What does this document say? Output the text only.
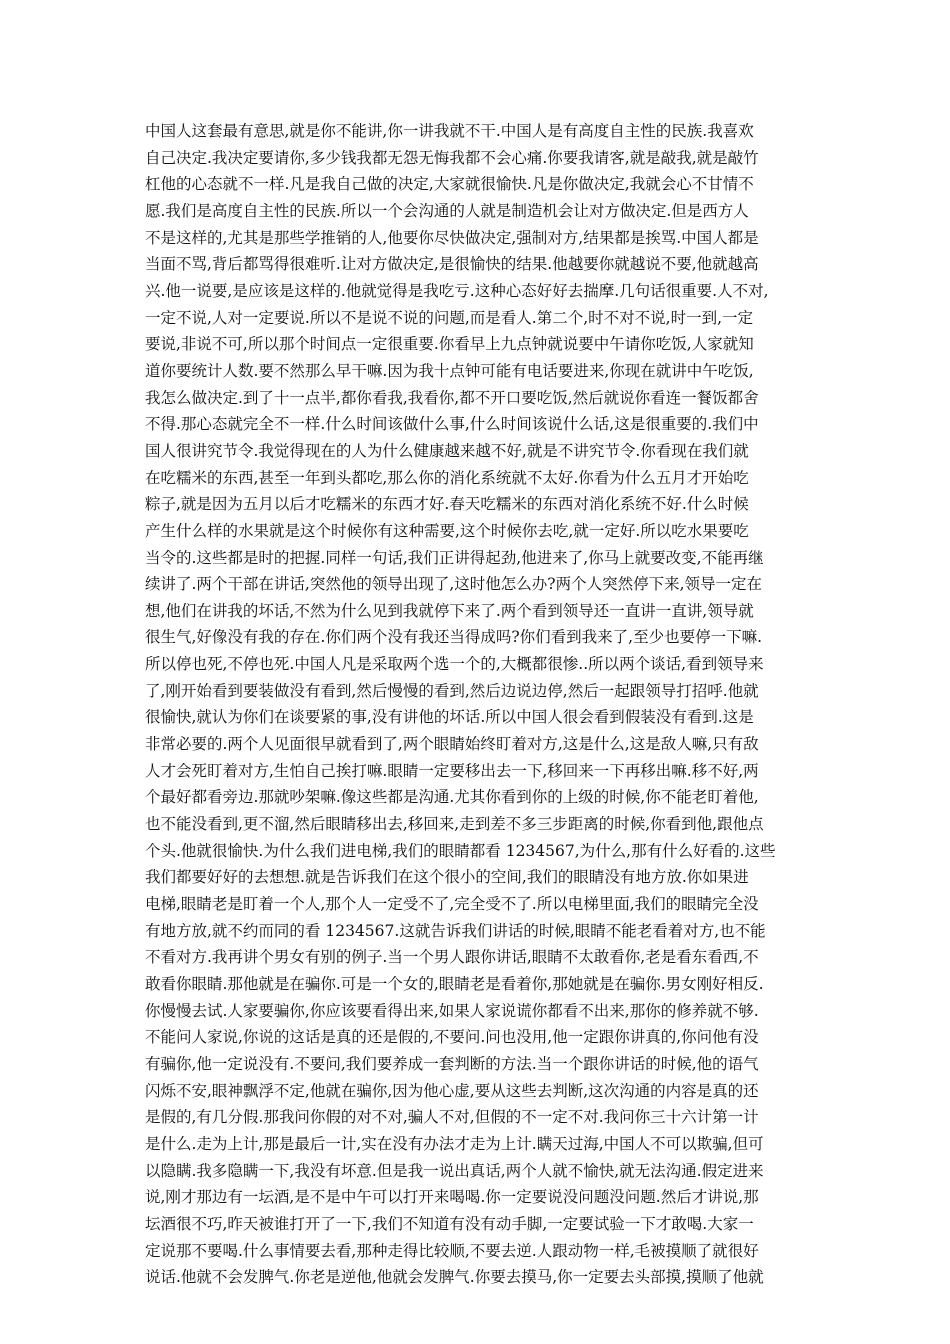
中国人这套最有意思,就是你不能讲,你一讲我就不干.中国人是有高度自主性的民族.我喜欢
自己决定.我决定要请你,多少钱我都无怨无悔我都不会心痛.你要我请客,就是敲我,就是敲竹
杠他的心态就不一样.凡是我自己做的决定,大家就很愉快.凡是你做决定,我就会心不甘情不
愿.我们是高度自主性的民族.所以一个会沟通的人就是制造机会让对方做决定.但是西方人
不是这样的,尤其是那些学推销的人,他要你尽快做决定,强制对方,结果都是挨骂.中国人都是
当面不骂,背后都骂得很难听.让对方做决定,是很愉快的结果.他越要你就越说不要,他就越高
兴.他一说要,是应该是这样的.他就觉得是我吃亏.这种心态好好去揣摩.几句话很重要.人不对,
一定不说,人对一定要说.所以不是说不说的问题,而是看人.第二个,时不对不说,时一到,一定
要说,非说不可,所以那个时间点一定很重要.你看早上九点钟就说要中午请你吃饭,人家就知
道你要统计人数.要不然那么早干嘛.因为我十点钟可能有电话要进来,你现在就讲中午吃饭,
我怎么做决定.到了十一点半,都你看我,我看你,都不开口要吃饭,然后就说你看连一餐饭都舍
不得.那心态就完全不一样.什么时间该做什么事,什么时间该说什么话,这是很重要的.我们中
国人很讲究节令.我觉得现在的人为什么健康越来越不好,就是不讲究节令.你看现在我们就
在吃糯米的东西,甚至一年到头都吃,那么你的消化系统就不太好.你看为什么五月才开始吃
粽子,就是因为五月以后才吃糯米的东西才好.春天吃糯米的东西对消化系统不好.什么时候
产生什么样的水果就是这个时候你有这种需要,这个时候你去吃,就一定好.所以吃水果要吃
当令的.这些都是时的把握.同样一句话,我们正讲得起劲,他进来了,你马上就要改变,不能再继
续讲了.两个干部在讲话,突然他的领导出现了,这时他怎么办?两个人突然停下来,领导一定在
想,他们在讲我的坏话,不然为什么见到我就停下来了.两个看到领导还一直讲一直讲,领导就
很生气,好像没有我的存在.你们两个没有我还当得成吗?你们看到我来了,至少也要停一下嘛.
所以停也死,不停也死.中国人凡是采取两个选一个的,大概都很惨..所以两个谈话,看到领导来
了,刚开始看到要装做没有看到,然后慢慢的看到,然后边说边停,然后一起跟领导打招呼.他就
很愉快,就认为你们在谈要紧的事,没有讲他的坏话.所以中国人很会看到假装没有看到.这是
非常必要的.两个人见面很早就看到了,两个眼睛始终盯着对方,这是什么,这是敌人嘛,只有敌
人才会死盯着对方,生怕自己挨打嘛.眼睛一定要移出去一下,移回来一下再移出嘛.移不好,两
个最好都看旁边.那就吵架嘛.像这些都是沟通.尤其你看到你的上级的时候,你不能老盯着他,
也不能没看到,更不溜,然后眼睛移出去,移回来,走到差不多三步距离的时候,你看到他,跟他点
个头.他就很愉快.为什么我们进电梯,我们的眼睛都看 1234567,为什么,那有什么好看的.这些
我们都要好好的去想想.就是告诉我们在这个很小的空间,我们的眼睛没有地方放.你如果进
电梯,眼睛老是盯着一个人,那个人一定受不了,完全受不了.所以电梯里面,我们的眼睛完全没
有地方放,就不约而同的看 1234567.这就告诉我们讲话的时候,眼睛不能老看着对方,也不能
不看对方.我再讲个男女有别的例子.当一个男人跟你讲话,眼睛不太敢看你,老是看东看西,不
敢看你眼睛.那他就是在骗你.可是一个女的,眼睛老是看着你,那她就是在骗你.男女刚好相反.
你慢慢去试.人家要骗你,你应该要看得出来,如果人家说谎你都看不出来,那你的修养就不够.
不能问人家说,你说的这话是真的还是假的,不要问.问也没用,他一定跟你讲真的,你问他有没
有骗你,他一定说没有.不要问,我们要养成一套判断的方法.当一个跟你讲话的时候,他的语气
闪烁不安,眼神飘浮不定,他就在骗你,因为他心虚,要从这些去判断,这次沟通的内容是真的还
是假的,有几分假.那我问你假的对不对,骗人不对,但假的不一定不对.我问你三十六计第一计
是什么.走为上计,那是最后一计,实在没有办法才走为上计.瞒天过海,中国人不可以欺骗,但可
以隐瞒.我多隐瞒一下,我没有坏意.但是我一说出真话,两个人就不愉快,就无法沟通.假定进来
说,刚才那边有一坛酒,是不是中午可以打开来喝喝.你一定要说没问题没问题.然后才讲说,那
坛酒很不巧,昨天被谁打开了一下,我们不知道有没有动手脚,一定要试验一下才敢喝.大家一
定说那不要喝.什么事情要去看,那种走得比较顺,不要去逆.人跟动物一样,毛被摸顺了就很好
说话.他就不会发脾气.你老是逆他,他就会发脾气.你要去摸马,你一定要去头部摸,摸顺了他就
